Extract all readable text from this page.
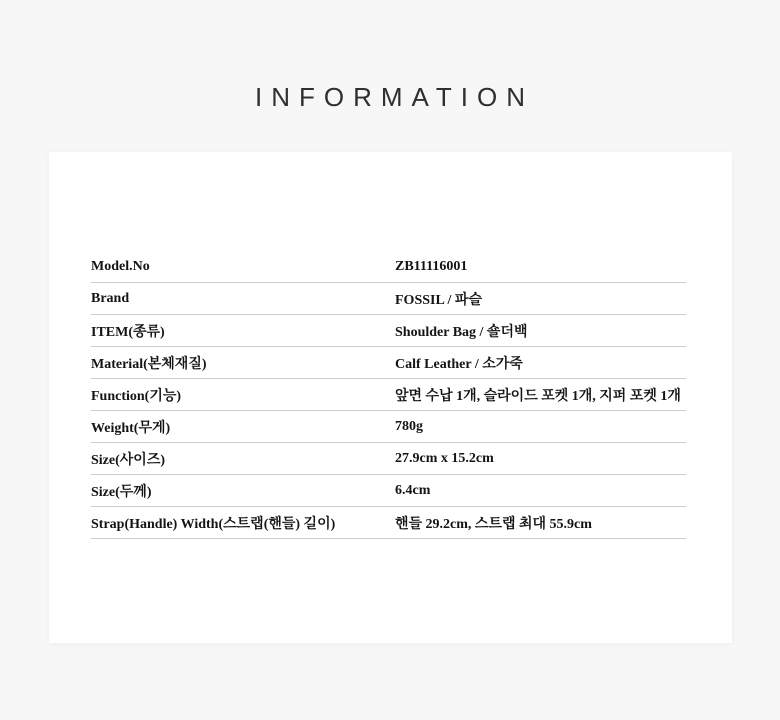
INFORMATION
Model.No	ZB11116001
Brand	FOSSIL / 파슬
ITEM(종류)	Shoulder Bag / 숄더백
Material(본체재질)	Calf Leather / 소가죽
Function(기능)	앞면 수납 1개, 슬라이드 포켓 1개, 지퍼 포켓 1개
Weight(무게)	780g
Size(사이즈)	27.9cm x 15.2cm
Size(두께)	6.4cm
Strap(Handle) Width(스트랩(핸들) 길이)	핸들 29.2cm, 스트랩 최대 55.9cm
